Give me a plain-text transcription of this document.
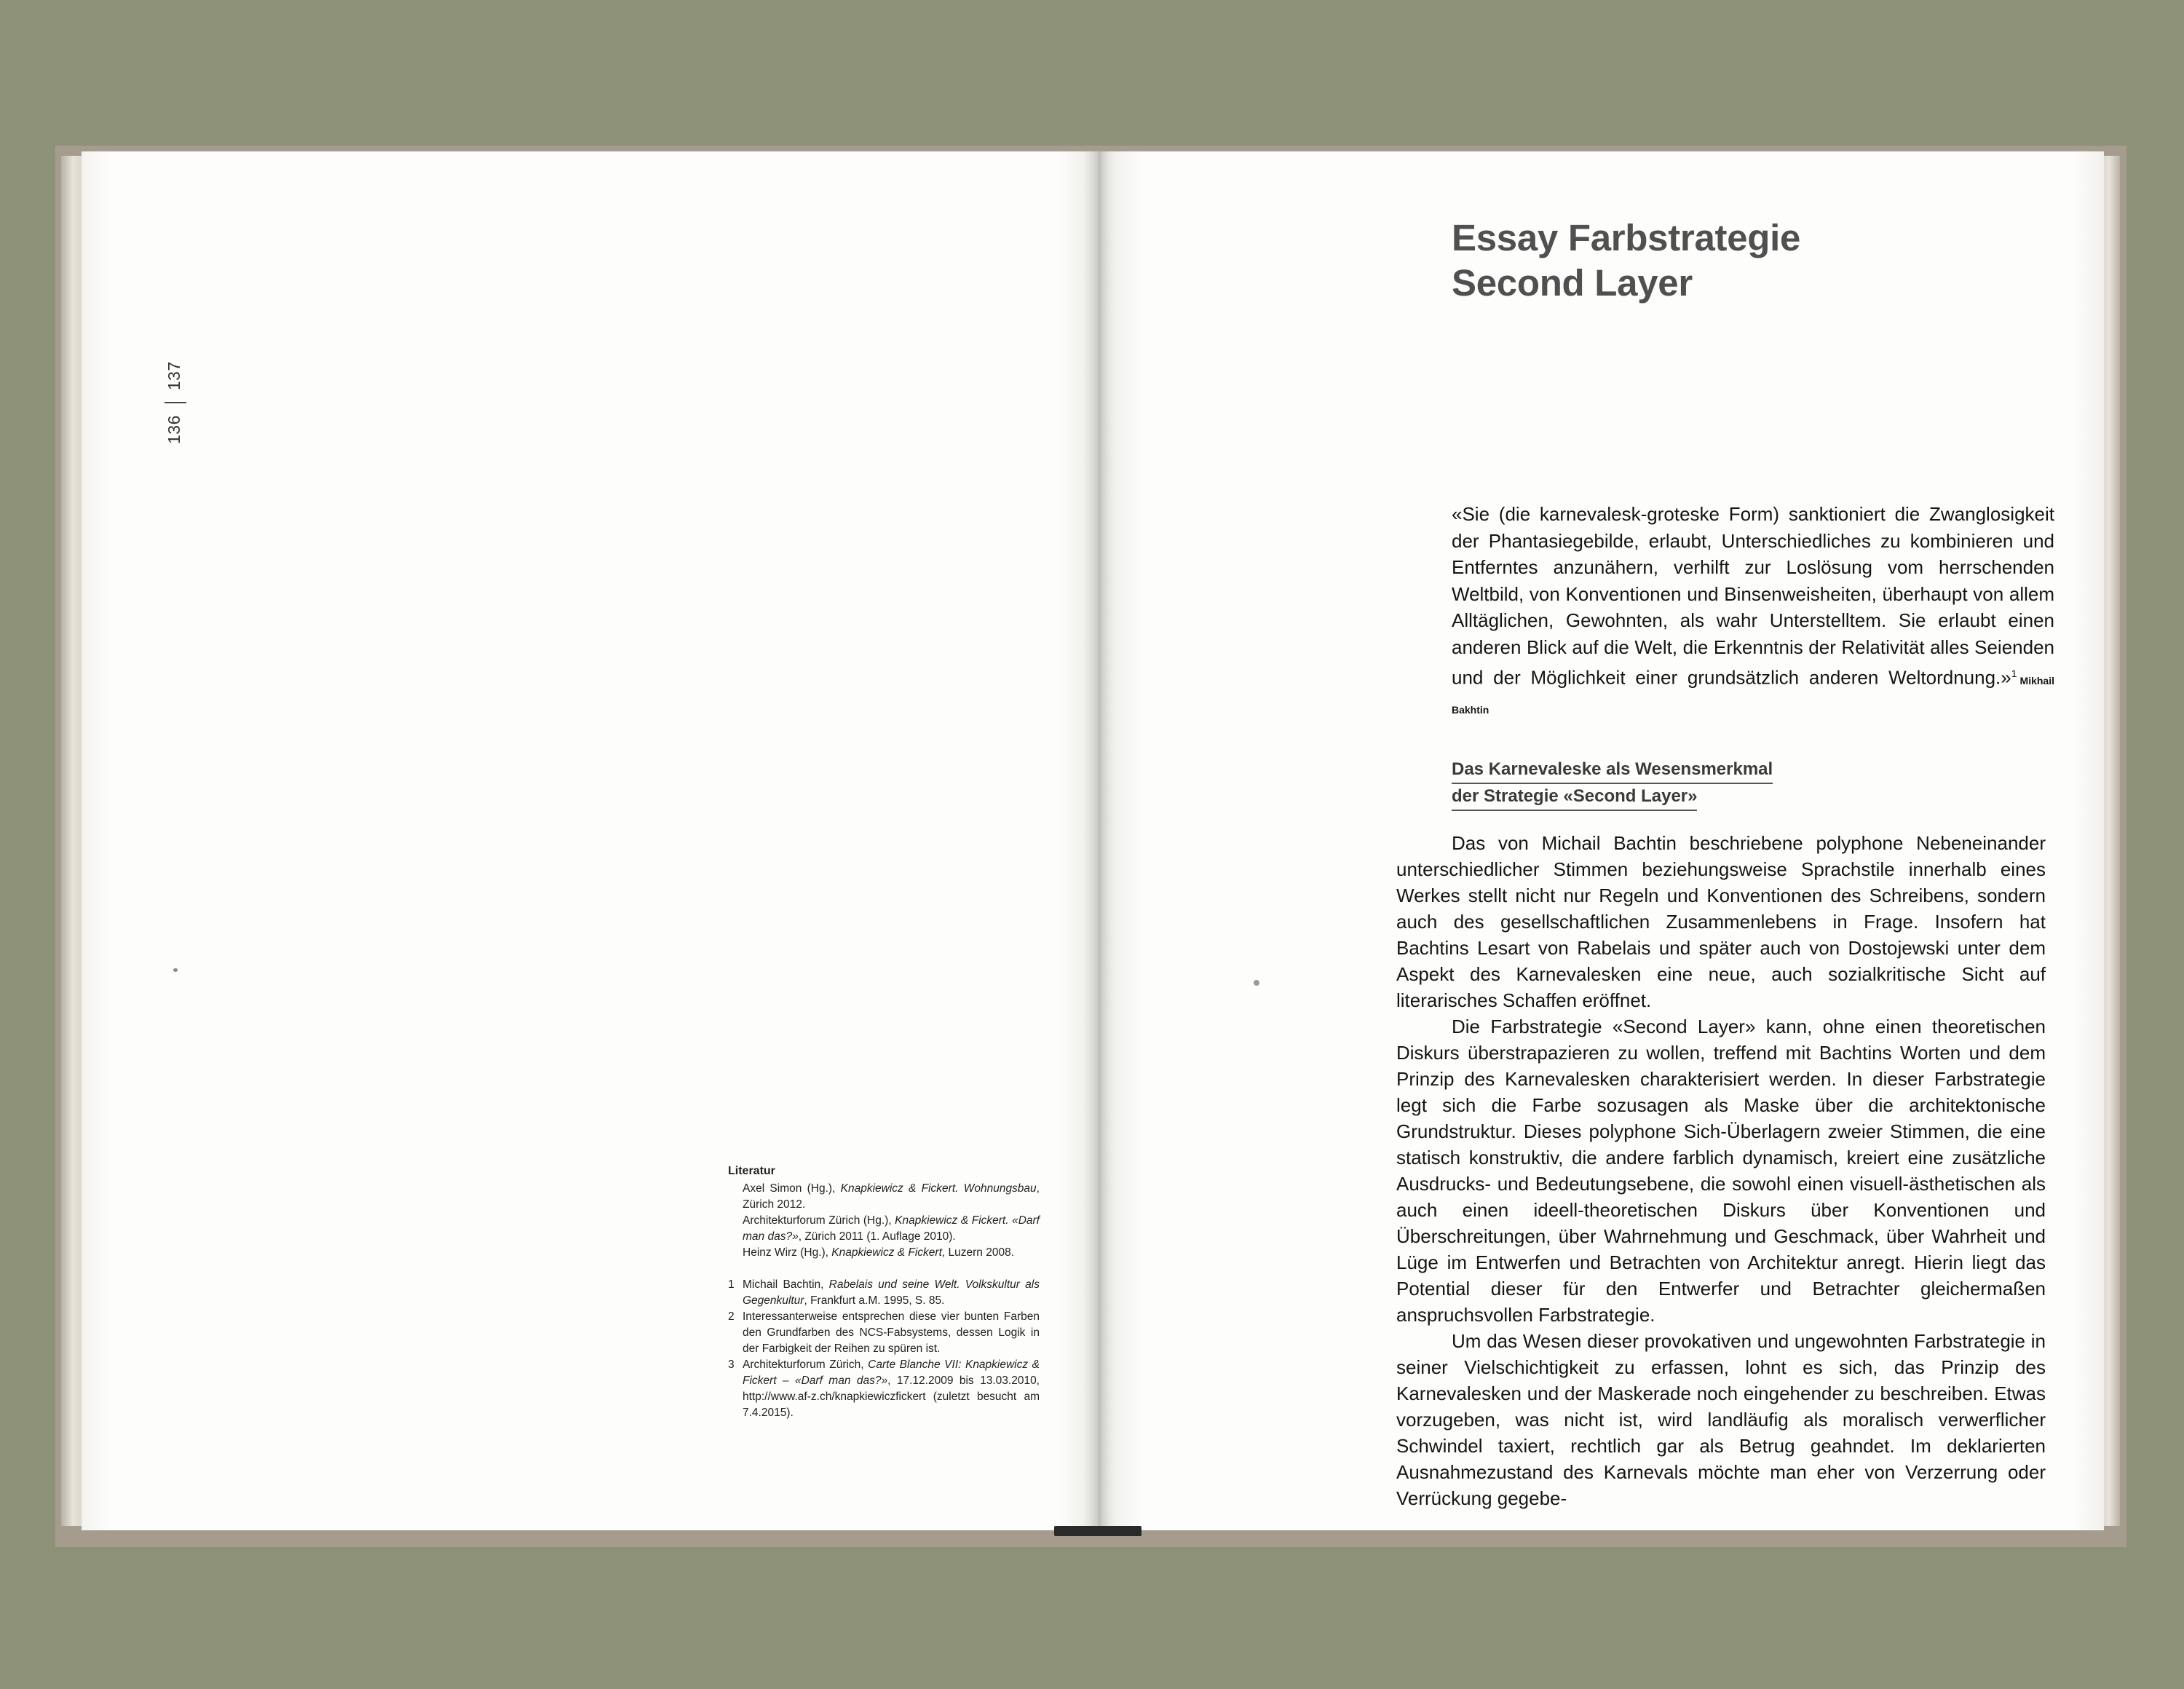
136137
Literatur
Axel Simon (Hg.), Knapkiewicz & Fickert. Wohnungsbau, Zürich 2012.
Architekturforum Zürich (Hg.), Knapkiewicz & Fickert. «Darf man das?», Zürich 2011 (1. Auflage 2010).
Heinz Wirz (Hg.), Knapkiewicz & Fickert, Luzern 2008.
1 Michail Bachtin, Rabelais und seine Welt. Volkskultur als Gegenkultur, Frankfurt a.M. 1995, S. 85.
2 Interessanterweise entsprechen diese vier bunten Farben den Grundfarben des NCS-Fabsystems, dessen Logik in der Farbigkeit der Reihen zu spüren ist.
3 Architekturforum Zürich, Carte Blanche VII: Knapkiewicz & Fickert – «Darf man das?», 17.12.2009 bis 13.03.2010, http://www.af-z.ch/knapkiewiczfickert (zuletzt besucht am 7.4.2015).
Essay Farbstrategie
Second Layer
«Sie (die karnevalesk-groteske Form) sanktioniert die Zwanglosigkeit der Phantasiegebilde, erlaubt, Unterschiedliches zu kombinieren und Entferntes anzunähern, verhilft zur Loslösung vom herrschenden Weltbild, von Konventionen und Binsenweisheiten, überhaupt von allem Alltäglichen, Gewohnten, als wahr Unterstelltem. Sie erlaubt einen anderen Blick auf die Welt, die Erkenntnis der Relativität alles Seienden und der Möglichkeit einer grundsätzlich anderen Weltordnung.»$^1$Mikhail Bakhtin
Das Karnevaleske als Wesensmerkmal
der Strategie «Second Layer»

Das von Michail Bachtin beschriebene polyphone Nebeneinander unterschiedlicher Stimmen beziehungsweise Sprachstile innerhalb eines Werkes stellt nicht nur Regeln und Konventionen des Schreibens, sondern auch des gesellschaftlichen Zusammenlebens in Frage. Insofern hat Bachtins Lesart von Rabelais und später auch von Dostojewski unter dem Aspekt des Karnevalesken eine neue, auch sozialkritische Sicht auf literarisches Schaffen eröffnet.

Die Farbstrategie «Second Layer» kann, ohne einen theoretischen Diskurs überstrapazieren zu wollen, treffend mit Bachtins Worten und dem Prinzip des Karnevalesken charakterisiert werden. In dieser Farbstrategie legt sich die Farbe sozusagen als Maske über die architektonische Grundstruktur. Dieses polyphone Sich-Überlagern zweier Stimmen, die eine statisch konstruktiv, die andere farblich dynamisch, kreiert eine zusätzliche Ausdrucks- und Bedeutungsebene, die sowohl einen visuell-ästhetischen als auch einen ideell-theoretischen Diskurs über Konventionen und Überschreitungen, über Wahrnehmung und Geschmack, über Wahrheit und Lüge im Entwerfen und Betrachten von Architektur anregt. Hierin liegt das Potential dieser für den Entwerfer und Betrachter gleichermaßen anspruchsvollen Farbstrategie.

Um das Wesen dieser provokativen und ungewohnten Farbstrategie in seiner Vielschichtigkeit zu erfassen, lohnt es sich, das Prinzip des Karnevalesken und der Maskerade noch eingehender zu beschreiben. Etwas vorzugeben, was nicht ist, wird landläufig als moralisch verwerflicher Schwindel taxiert, rechtlich gar als Betrug geahndet. Im deklarierten Ausnahmezustand des Karnevals möchte man eher von Verzerrung oder Verrückung gegebe-
